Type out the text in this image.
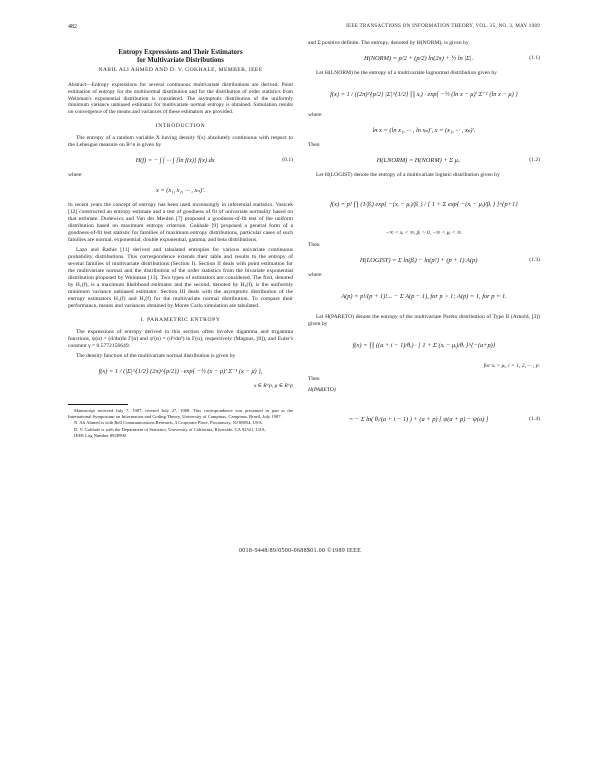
482	IEEE TRANSACTIONS ON INFORMATION THEORY, VOL. 35, NO. 3, MAY 1989
Entropy Expressions and Their Estimators
for Multivariate Distributions
NABIL ALI AHMED AND D. V. GOKHALE, MEMBER, IEEE

Abstract—Entropy expressions for several continuous multivariate distributions are derived. Point estimation of entropy for the multinormal distribution and for the distribution of order statistics from Weinman's exponential distribution is considered. The asymptotic distribution of the uniformly minimum variance unbiased estimator for multivariate normal entropy is obtained. Simulation results on convergence of the means and variances of these estimators are provided.

INTRODUCTION

The entropy of a random variable X having density f(x) absolutely continuous with respect to the Lebesgue measure on R^n is given by

H(f) = − ∫ ∫ ··· ∫ [ln f(x)] f(x) dx	(0.1)

where

x = (x₁, x₂, ··· , xₙ)′.

In recent years the concept of entropy has been used increasingly in inferential statistics. Vasicek [12] constructed an entropy estimate and a test of goodness of fit of univariate normality based on that estimate. Dudewicz and Van der Meulen [7] proposed a goodness-of-fit test of the uniform distribution based on maximum entropy criterion. Gokhale [9] proposed a general form of a goodness-of-fit test statistic for families of maximum entropy distributions, particular cases of such families are normal, exponential, double exponential, gamma, and beta distributions.

Lazo and Rathie [11] derived and tabulated entropies for various univariate continuous probability distributions. This correspondence extends their table and results to the entropy of several families of multivariate distributions (Section I). Section II deals with point estimation for the multivariate normal and the distribution of the order statistics from the bivariate exponential distribution proposed by Weinman [13]. Two types of estimators are considered. The first, denoted by H₁(f), is a maximum likelihood estimator and the second, denoted by H₂(f), is the uniformly minimum variance unbiased estimator. Section III deals with the asymptotic distribution of the entropy estimators H₁(f) and H₂(f) for the multivariate normal distribution. To compare their performance, means and variances obtained by Monte Carlo simulation are tabulated.

I. PARAMETRIC ENTROPY

The expressions of entropy derived in this section often involve digamma and trigamma functions, ψ(α) = (d/dα)ln Γ(α) and ψ′(α) = (d²/dα²) ln Γ(α), respectively (Magnus, [8]), and Euler's constant γ = 0.5772156649.

The density function of the multivariate normal distribution is given by

f(x) = 1 / (|Σ|^{1/2} (2π)^{p/2}) · exp{ −½ (x − μ)′ Σ⁻¹ (x − μ) },
x ∈ R^p, μ ∈ R^p

Manuscript received July 7, 1987; revised July 27, 1988. This correspondence was presented in part at the International Symposium on Information and Coding Theory, University of Campinas, Campinas, Brazil, July 1987.

N. Ali Ahmed is with Bell Communications Research, 3 Corporate Place, Piscataway, NJ 08854, USA.

D. V. Gokhale is with the Department of Statistics, University of California, Riverside, CA 92521, USA.

IEEE Log Number 8928990.

and Σ positive definite. The entropy, denoted by H(NORM), is given by

H(NORM) = p/2 + (p/2) ln(2π) + ½ ln |Σ|.	(1.1)

Let H(LNORM) be the entropy of a multivariate lognormal distribution given by

f(x) = 1 / ((2π)^{p/2} |Σ|^{1/2} ∏ xᵢ) · exp{ −½ (ln x − μ)′ Σ⁻¹ (ln x − μ) }

where

ln x = (ln x₁, ··· , ln xₚ)′, x = (x₁, ··· , xₚ)′.

Then

H(LNORM) = H(NORM) + Σ μᵢ.	(1.2)

Let H(LOGIST) denote the entropy of a multivariate logistic distribution given by

f(x) = p! ∏ (1/βᵢ) exp{ −(xᵢ − μᵢ)/βᵢ } / [ 1 + Σ exp{ −(xᵢ − μᵢ)/βᵢ } ]^{p+1}
−∞ < xᵢ < ∞, βᵢ > 0, −∞ < μᵢ < ∞.

Then

H(LOGIST) = Σ ln(βᵢ) − ln(p!) + (p + 1) A(p)	(1.3)

where

A(p) = p!/(p + 1)!... − Σ A(p − 1), for p > 1; A(p) = 1, for p = 1.

Let H(PARETO) denote the entropy of the multivariate Pareto distribution of Type II (Arnold, [3]) given by

f(x) = ∏ ((a + i − 1)/θᵢ) · [ 1 + Σ (xᵢ − μᵢ)/θᵢ ]^{−(a+p)}
for xᵢ > μᵢ, i = 1, 2, ··· , p.

Then

H(PARETO)
= − Σ ln( θᵢ/(a + i − 1) ) + (a + p) [ ψ(a + p) − ψ(a) ]	(1.4)
0018-9448/89/0500-0688$01.00 ©1989 IEEE
